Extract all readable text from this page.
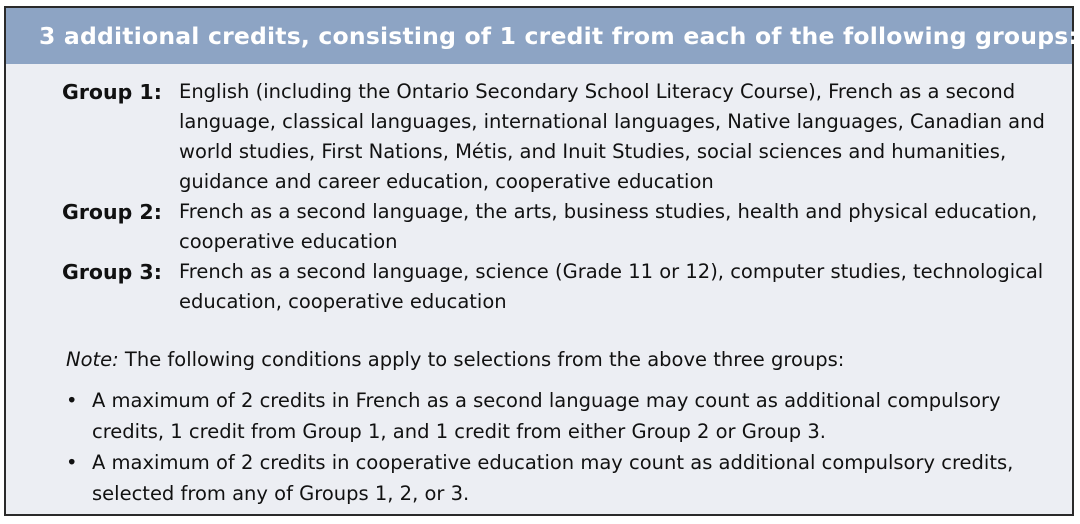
3 additional credits, consisting of 1 credit from each of the following groups:
Group 1: English (including the Ontario Secondary School Literacy Course), French as a second language, classical languages, international languages, Native languages, Canadian and world studies, First Nations, Métis, and Inuit Studies, social sciences and humanities, guidance and career education, cooperative education
Group 2: French as a second language, the arts, business studies, health and physical education, cooperative education
Group 3: French as a second language, science (Grade 11 or 12), computer studies, technological education, cooperative education
Note: The following conditions apply to selections from the above three groups:
• A maximum of 2 credits in French as a second language may count as additional compulsory credits, 1 credit from Group 1, and 1 credit from either Group 2 or Group 3.
• A maximum of 2 credits in cooperative education may count as additional compulsory credits, selected from any of Groups 1, 2, or 3.
